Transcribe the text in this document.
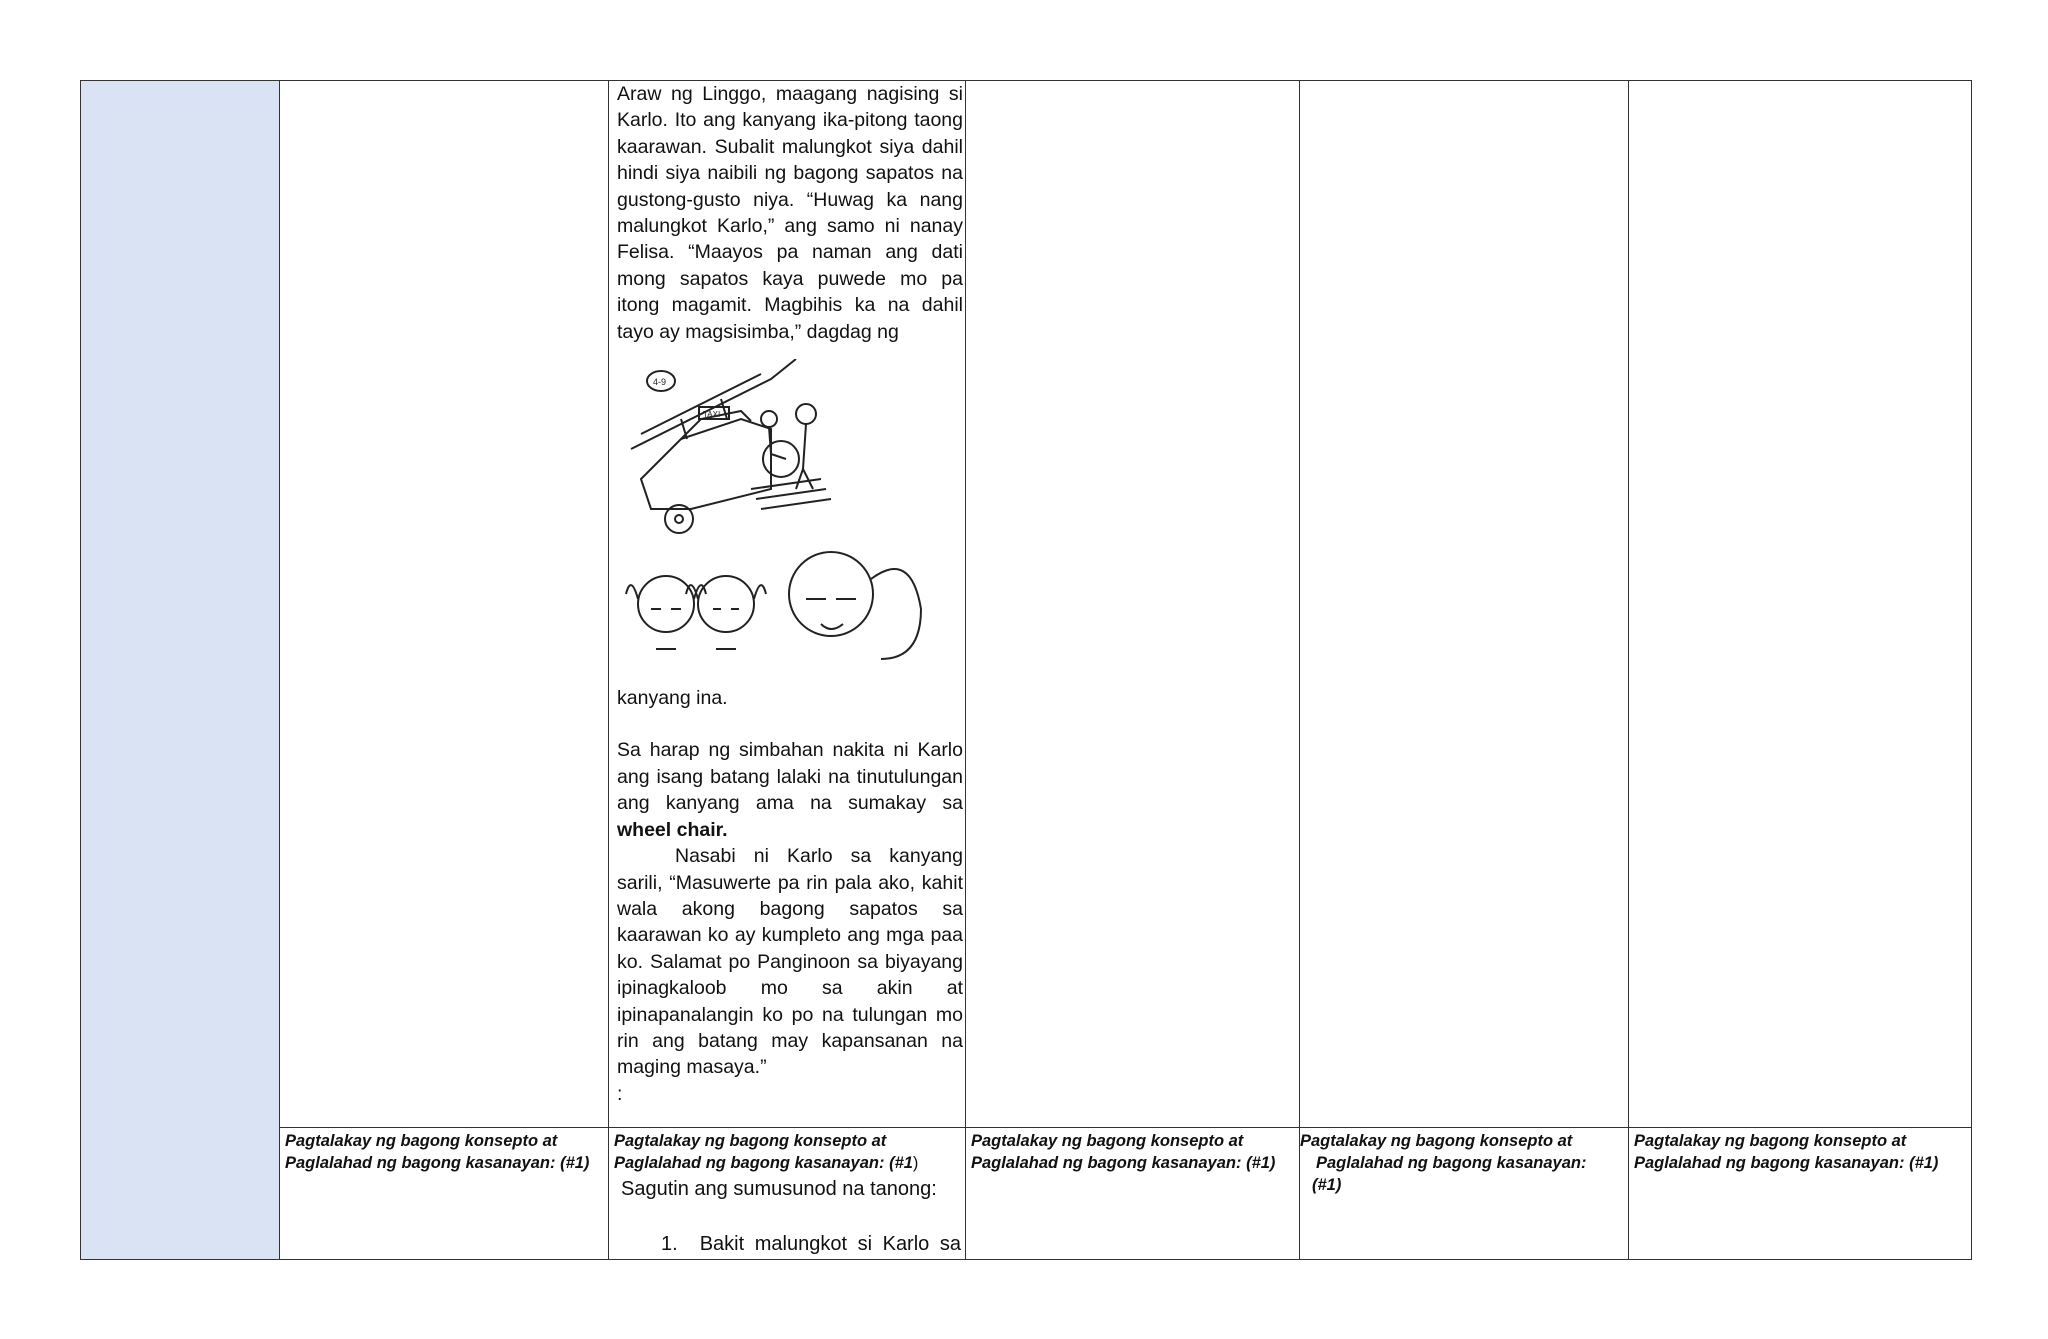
Araw ng Linggo, maagang nagising si Karlo. Ito ang kanyang ika-pitong taong kaarawan. Subalit malungkot siya dahil hindi siya naibili ng bagong sapatos na gustong-gusto niya. “Huwag ka nang malungkot Karlo,” ang samo ni nanay Felisa. “Maayos pa naman ang dati mong sapatos kaya puwede mo pa itong magamit. Magbihis ka na dahil tayo ay magsisimba,” dagdag ng

kanyang ina.

Sa harap ng simbahan nakita ni Karlo ang isang batang lalaki na tinutulungan ang kanyang ama na sumakay sa wheel chair.

Nasabi ni Karlo sa kanyang sarili, “Masuwerte pa rin pala ako, kahit wala akong bagong sapatos sa kaarawan ko ay kumpleto ang mga paa ko. Salamat po Panginoon sa biyayang ipinagkaloob mo sa akin at ipinapanalangin ko po na tulungan mo rin ang batang may kapansanan na maging masaya.”

:

4-9
TAXI
Pagtalakay ng bagong konsepto at
Paglalahad ng bagong kasanayan: (#1)
Pagtalakay ng bagong konsepto at
Paglalahad ng bagong kasanayan: (#1)
Pagtalakay ng bagong konsepto at
Paglalahad ng bagong kasanayan: (#1)
Pagtalakay ng bagong konsepto at
Paglalahad ng bagong kasanayan:
(#1)
Pagtalakay ng bagong konsepto at
Paglalahad ng bagong kasanayan: (#1)
Sagutin ang sumusunod na tanong:
1.	Bakit malungkot si Karlo sa
